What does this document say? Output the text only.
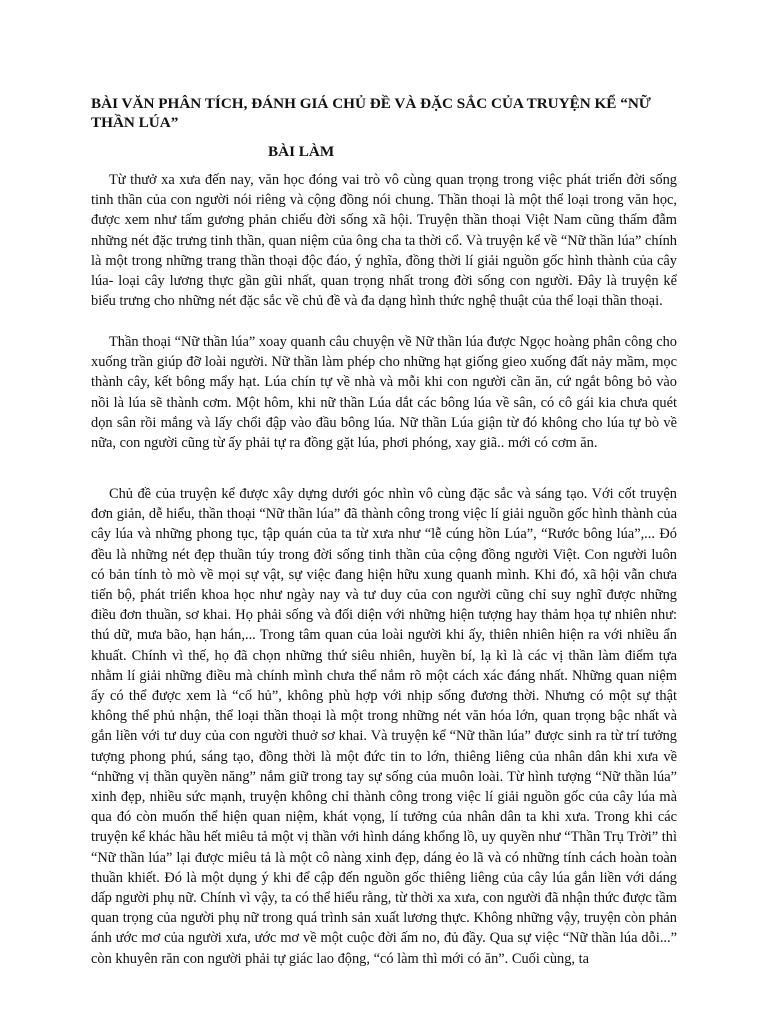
BÀI VĂN PHÂN TÍCH, ĐÁNH GIÁ CHỦ ĐỀ VÀ ĐẶC SẮC CỦA TRUYỆN KỂ “NỮ THẦN LÚA”
BÀI LÀM

Từ thưở xa xưa đến nay, văn học đóng vai trò vô cùng quan trọng trong việc phát triển đời sống tinh thần của con người nói riêng và cộng đồng nói chung. Thần thoại là một thể loại trong văn học, được xem như tấm gương phản chiếu đời sống xã hội. Truyện thần thoại Việt Nam cũng thấm đẫm những nét đặc trưng tinh thần, quan niệm của ông cha ta thời cổ. Và truyện kể về “Nữ thần lúa” chính là một trong những trang thần thoại độc đáo, ý nghĩa, đồng thời lí giải nguồn gốc hình thành của cây lúa- loại cây lương thực gần gũi nhất, quan trọng nhất trong đời sống con người. Đây là truyện kể biểu trưng cho những nét đặc sắc về chủ đề và đa dạng hình thức nghệ thuật của thể loại thần thoại.

Thần thoại “Nữ thần lúa” xoay quanh câu chuyện về Nữ thần lúa được Ngọc hoàng phân công cho xuống trần giúp đỡ loài người. Nữ thần làm phép cho những hạt giống gieo xuống đất nảy mầm, mọc thành cây, kết bông mẩy hạt. Lúa chín tự về nhà và mỗi khi con người cần ăn, cứ ngắt bông bỏ vào nồi là lúa sẽ thành cơm. Một hôm, khi nữ thần Lúa dắt các bông lúa về sân, có cô gái kia chưa quét dọn sân rồi mắng và lấy chổi đập vào đầu bông lúa. Nữ thần Lúa giận từ đó không cho lúa tự bò về nữa, con người cũng từ ấy phải tự ra đồng gặt lúa, phơi phóng, xay giã.. mới có cơm ăn.

Chủ đề của truyện kể được xây dựng dưới góc nhìn vô cùng đặc sắc và sáng tạo. Với cốt truyện đơn giản, dễ hiểu, thần thoại “Nữ thần lúa” đã thành công trong việc lí giải nguồn gốc hình thành của cây lúa và những phong tục, tập quán của ta từ xưa như “lễ cúng hồn Lúa”, “Rước bông lúa”,... Đó đều là những nét đẹp thuần túy trong đời sống tinh thần của cộng đồng người Việt. Con người luôn có bản tính tò mò về mọi sự vật, sự việc đang hiện hữu xung quanh mình. Khi đó, xã hội vẫn chưa tiến bộ, phát triển khoa học như ngày nay và tư duy của con người cũng chỉ suy nghĩ được những điều đơn thuần, sơ khai. Họ phải sống và đối diện với những hiện tượng hay thảm họa tự nhiên như: thú dữ, mưa bão, hạn hán,... Trong tâm quan của loài người khi ấy, thiên nhiên hiện ra với nhiều ẩn khuất. Chính vì thế, họ đã chọn những thứ siêu nhiên, huyền bí, lạ kì là các vị thần làm điểm tựa nhằm lí giải những điều mà chính mình chưa thể nắm rõ một cách xác đáng nhất. Những quan niệm ấy có thể được xem là “cổ hủ”, không phù hợp với nhịp sống đương thời. Nhưng có một sự thật không thể phủ nhận, thể loại thần thoại là một trong những nét văn hóa lớn, quan trọng bậc nhất và gắn liền với tư duy của con người thuở sơ khai. Và truyện kể “Nữ thần lúa” được sinh ra từ trí tưởng tượng phong phú, sáng tạo, đồng thời là một đức tin to lớn, thiêng liêng của nhân dân khi xưa về “những vị thần quyền năng” nắm giữ trong tay sự sống của muôn loài. Từ hình tượng “Nữ thần lúa” xinh đẹp, nhiều sức mạnh, truyện không chỉ thành công trong việc lí giải nguồn gốc của cây lúa mà qua đó còn muốn thể hiện quan niệm, khát vọng, lí tưởng của nhân dân ta khi xưa. Trong khi các truyện kể khác hầu hết miêu tả một vị thần với hình dáng khổng lồ, uy quyền như “Thần Trụ Trời” thì “Nữ thần lúa” lại được miêu tả là một cô nàng xinh đẹp, dáng ẻo lã và có những tính cách hoàn toàn thuần khiết. Đó là một dụng ý khi để cập đến nguồn gốc thiêng liêng của cây lúa gắn liền với dáng dấp người phụ nữ. Chính vì vậy, ta có thể hiểu rằng, từ thời xa xưa, con người đã nhận thức được tầm quan trọng của người phụ nữ trong quá trình sản xuất lương thực. Không những vậy, truyện còn phản ánh ước mơ của người xưa, ước mơ về một cuộc đời ấm no, đủ đầy. Qua sự việc “Nữ thần lúa dỗi...” còn khuyên răn con người phải tự giác lao động, “có làm thì mới có ăn”. Cuối cùng, ta
